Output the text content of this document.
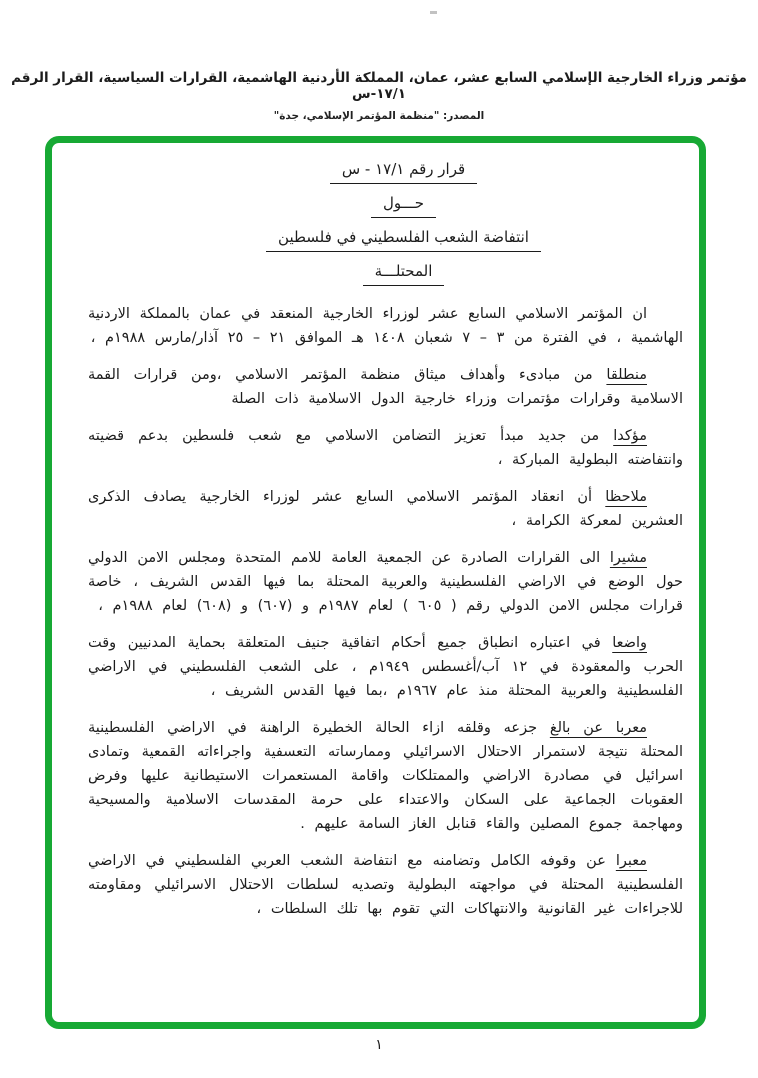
مؤتمر وزراء الخارجية الإسلامي السابع عشر، عمان، المملكة الأردنية الهاشمية، القرارات السياسية، القرار الرقم ١٧/١-س
المصدر: "منظمة المؤتمر الإسلامي، جدة"
قرار رقم ١٧/١ - س
حـــول
انتفاضة الشعب الفلسطيني في فلسطين
المحتلـــة
ان المؤتمر الاسلامي السابع عشر لوزراء الخارجية المنعقد في عمان بالمملكة الاردنية الهاشمية ، في الفترة من ٣ – ٧ شعبان ١٤٠٨ هـ الموافق ٢١ – ٢٥ آذار/مارس ١٩٨٨م ،
منطلقا من مبادىء وأهداف ميثاق منظمة المؤتمر الاسلامي ،ومن قرارات القمة الاسلامية وقرارات مؤتمرات وزراء خارجية الدول الاسلامية ذات الصلة
مؤكدا من جديد مبدأ تعزيز التضامن الاسلامي مع شعب فلسطين بدعم قضيته وانتفاضته البطولية المباركة ،
ملاحظا أن انعقاد المؤتمر الاسلامي السابع عشر لوزراء الخارجية يصادف الذكرى العشرين لمعركة الكرامة ،
مشيرا الى القرارات الصادرة عن الجمعية العامة للامم المتحدة ومجلس الامن الدولي حول الوضع في الاراضي الفلسطينية والعربية المحتلة بما فيها القدس الشريف ، خاصة قرارات مجلس الامن الدولي رقم ( ٦٠٥ ) لعام ١٩٨٧م و (٦٠٧) و (٦٠٨) لعام ١٩٨٨م ،
واضعا في اعتباره انطباق جميع أحكام اتفاقية جنيف المتعلقة بحماية المدنيين وقت الحرب والمعقودة في ١٢ آب/أغسطس ١٩٤٩م ، على الشعب الفلسطيني في الاراضي الفلسطينية والعربية المحتلة منذ عام ١٩٦٧م ،بما فيها القدس الشريف ،
معربا عن بالغ جزعه وقلقه ازاء الحالة الخطيرة الراهنة في الاراضي الفلسطينية المحتلة نتيجة لاستمرار الاحتلال الاسرائيلي وممارساته التعسفية واجراءاته القمعية وتمادى اسرائيل في مصادرة الاراضي والممتلكات واقامة المستعمرات الاستيطانية عليها وفرض العقوبات الجماعية على السكان والاعتداء على حرمة المقدسات الاسلامية والمسيحية ومهاجمة جموع المصلين والقاء قنابل الغاز السامة عليهم .
معبرا عن وقوفه الكامل وتضامنه مع انتفاضة الشعب العربي الفلسطيني في الاراضي الفلسطينية المحتلة في مواجهته البطولية وتصديه لسلطات الاحتلال الاسرائيلي ومقاومته للاجراءات غير القانونية والانتهاكات التي تقوم بها تلك السلطات ،
١
